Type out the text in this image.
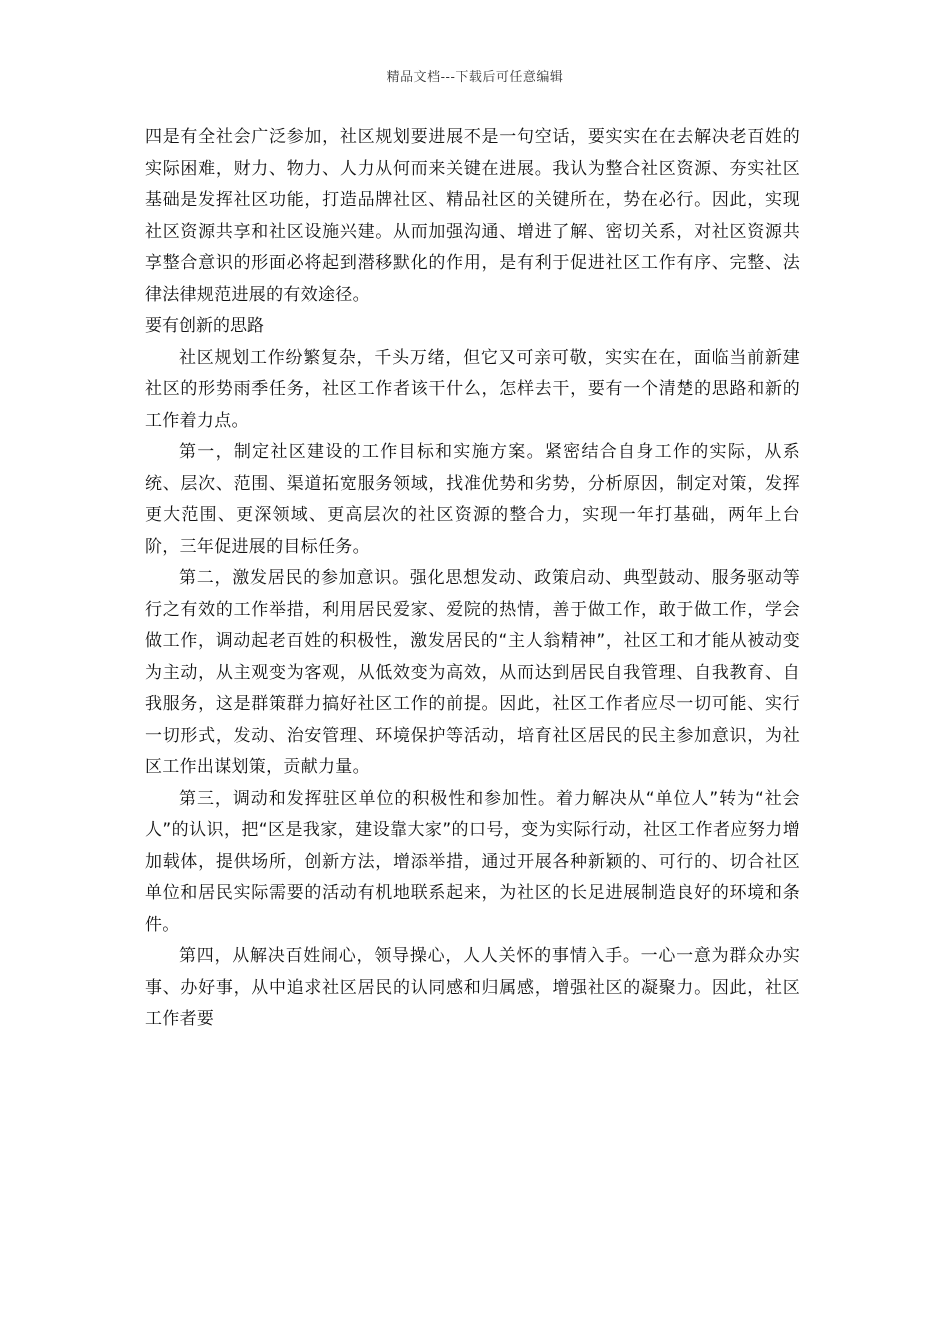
精品文档---下载后可任意编辑

四是有全社会广泛参加，社区规划要进展不是一句空话，要实实在在去解决老百姓的实际困难，财力、物力、人力从何而来关键在进展。我认为整合社区资源、夯实社区基础是发挥社区功能，打造品牌社区、精品社区的关键所在，势在必行。因此，实现社区资源共享和社区设施兴建。从而加强沟通、增进了解、密切关系，对社区资源共享整合意识的形面必将起到潜移默化的作用，是有利于促进社区工作有序、完整、法律法律规范进展的有效途径。

要有创新的思路

社区规划工作纷繁复杂，千头万绪，但它又可亲可敬，实实在在，面临当前新建社区的形势雨季任务，社区工作者该干什么，怎样去干，要有一个清楚的思路和新的工作着力点。

第一，制定社区建设的工作目标和实施方案。紧密结合自身工作的实际，从系统、层次、范围、渠道拓宽服务领域，找准优势和劣势，分析原因，制定对策，发挥更大范围、更深领域、更高层次的社区资源的整合力，实现一年打基础，两年上台阶，三年促进展的目标任务。

第二，激发居民的参加意识。强化思想发动、政策启动、典型鼓动、服务驱动等行之有效的工作举措，利用居民爱家、爱院的热情，善于做工作，敢于做工作，学会做工作，调动起老百姓的积极性，激发居民的“主人翁精神”，社区工和才能从被动变为主动，从主观变为客观，从低效变为高效，从而达到居民自我管理、自我教育、自我服务，这是群策群力搞好社区工作的前提。因此，社区工作者应尽一切可能、实行一切形式，发动、治安管理、环境保护等活动，培育社区居民的民主参加意识，为社区工作出谋划策，贡献力量。

第三，调动和发挥驻区单位的积极性和参加性。着力解决从“单位人”转为“社会人”的认识，把“区是我家，建设靠大家”的口号，变为实际行动，社区工作者应努力增加载体，提供场所，创新方法，增添举措，通过开展各种新颖的、可行的、切合社区单位和居民实际需要的活动有机地联系起来，为社区的长足进展制造良好的环境和条件。

第四，从解决百姓闹心，领导操心，人人关怀的事情入手。一心一意为群众办实事、办好事，从中追求社区居民的认同感和归属感，增强社区的凝聚力。因此，社区工作者要
